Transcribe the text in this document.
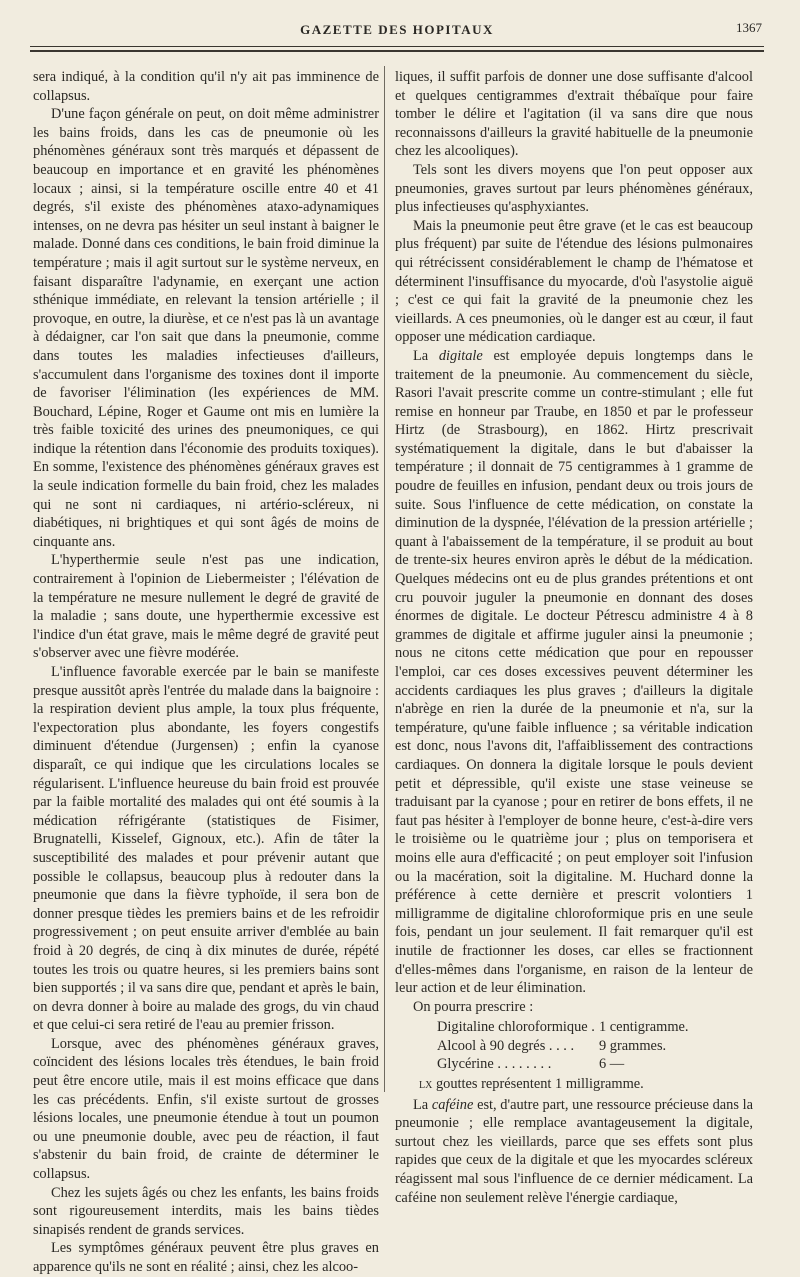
GAZETTE DES HOPITAUX	1367

sera indiqué, à la condition qu'il n'y ait pas imminence de collapsus.

D'une façon générale on peut, on doit même administrer les bains froids, dans les cas de pneumonie où les phénomènes généraux sont très marqués et dépassent de beaucoup en importance et en gravité les phénomènes locaux ; ainsi, si la température oscille entre 40 et 41 degrés, s'il existe des phénomènes ataxo-adynamiques intenses, on ne devra pas hésiter un seul instant à baigner le malade. Donné dans ces conditions, le bain froid diminue la température ; mais il agit surtout sur le système nerveux, en faisant disparaître l'adynamie, en exerçant une action sthénique immédiate, en relevant la tension artérielle ; il provoque, en outre, la diurèse, et ce n'est pas là un avantage à dédaigner, car l'on sait que dans la pneumonie, comme dans toutes les maladies infectieuses d'ailleurs, s'accumulent dans l'organisme des toxines dont il importe de favoriser l'élimination (les expériences de MM. Bouchard, Lépine, Roger et Gaume ont mis en lumière la très faible toxicité des urines des pneumoniques, ce qui indique la rétention dans l'économie des produits toxiques). En somme, l'existence des phénomènes généraux graves est la seule indication formelle du bain froid, chez les malades qui ne sont ni cardiaques, ni artério-scléreux, ni diabétiques, ni brightiques et qui sont âgés de moins de cinquante ans.

L'hyperthermie seule n'est pas une indication, contrairement à l'opinion de Liebermeister ; l'élévation de la température ne mesure nullement le degré de gravité de la maladie ; sans doute, une hyperthermie excessive est l'indice d'un état grave, mais le même degré de gravité peut s'observer avec une fièvre modérée.

L'influence favorable exercée par le bain se manifeste presque aussitôt après l'entrée du malade dans la baignoire : la respiration devient plus ample, la toux plus fréquente, l'expectoration plus abondante, les foyers congestifs diminuent d'étendue (Jurgensen) ; enfin la cyanose disparaît, ce qui indique que les circulations locales se régularisent. L'influence heureuse du bain froid est prouvée par la faible mortalité des malades qui ont été soumis à la médication réfrigérante (statistiques de Fisimer, Brugnatelli, Kisselef, Gignoux, etc.). Afin de tâter la susceptibilité des malades et pour prévenir autant que possible le collapsus, beaucoup plus à redouter dans la pneumonie que dans la fièvre typhoïde, il sera bon de donner presque tièdes les premiers bains et de les refroidir progressivement ; on peut ensuite arriver d'emblée au bain froid à 20 degrés, de cinq à dix minutes de durée, répété toutes les trois ou quatre heures, si les premiers bains sont bien supportés ; il va sans dire que, pendant et après le bain, on devra donner à boire au malade des grogs, du vin chaud et que celui-ci sera retiré de l'eau au premier frisson.

Lorsque, avec des phénomènes généraux graves, coïncident des lésions locales très étendues, le bain froid peut être encore utile, mais il est moins efficace que dans les cas précédents. Enfin, s'il existe surtout de grosses lésions locales, une pneumonie étendue à tout un poumon ou une pneumonie double, avec peu de réaction, il faut s'abstenir du bain froid, de crainte de déterminer le collapsus.

Chez les sujets âgés ou chez les enfants, les bains froids sont rigoureusement interdits, mais les bains tièdes sinapisés rendent de grands services.

Les symptômes généraux peuvent être plus graves en apparence qu'ils ne sont en réalité ; ainsi, chez les alcoo-

liques, il suffit parfois de donner une dose suffisante d'alcool et quelques centigrammes d'extrait thébaïque pour faire tomber le délire et l'agitation (il va sans dire que nous reconnaissons d'ailleurs la gravité habituelle de la pneumonie chez les alcooliques).

Tels sont les divers moyens que l'on peut opposer aux pneumonies, graves surtout par leurs phénomènes généraux, plus infectieuses qu'asphyxiantes.

Mais la pneumonie peut être grave (et le cas est beaucoup plus fréquent) par suite de l'étendue des lésions pulmonaires qui rétrécissent considérablement le champ de l'hématose et déterminent l'insuffisance du myocarde, d'où l'asystolie aiguë ; c'est ce qui fait la gravité de la pneumonie chez les vieillards. A ces pneumonies, où le danger est au cœur, il faut opposer une médication cardiaque.

La digitale est employée depuis longtemps dans le traitement de la pneumonie. Au commencement du siècle, Rasori l'avait prescrite comme un contre-stimulant ; elle fut remise en honneur par Traube, en 1850 et par le professeur Hirtz (de Strasbourg), en 1862. Hirtz prescrivait systématiquement la digitale, dans le but d'abaisser la température ; il donnait de 75 centigrammes à 1 gramme de poudre de feuilles en infusion, pendant deux ou trois jours de suite. Sous l'influence de cette médication, on constate la diminution de la dyspnée, l'élévation de la pression artérielle ; quant à l'abaissement de la température, il se produit au bout de trente-six heures environ après le début de la médication. Quelques médecins ont eu de plus grandes prétentions et ont cru pouvoir juguler la pneumonie en donnant des doses énormes de digitale. Le docteur Pétrescu administre 4 à 8 grammes de digitale et affirme juguler ainsi la pneumonie ; nous ne citons cette médication que pour en repousser l'emploi, car ces doses excessives peuvent déterminer les accidents cardiaques les plus graves ; d'ailleurs la digitale n'abrège en rien la durée de la pneumonie et n'a, sur la température, qu'une faible influence ; sa véritable indication est donc, nous l'avons dit, l'affaiblissement des contractions cardiaques. On donnera la digitale lorsque le pouls devient petit et dépressible, qu'il existe une stase veineuse se traduisant par la cyanose ; pour en retirer de bons effets, il ne faut pas hésiter à l'employer de bonne heure, c'est-à-dire vers le troisième ou le quatrième jour ; plus on temporisera et moins elle aura d'efficacité ; on peut employer soit l'infusion ou la macération, soit la digitaline. M. Huchard donne la préférence à cette dernière et prescrit volontiers 1 milligramme de digitaline chloroformique pris en une seule fois, pendant un jour seulement. Il fait remarquer qu'il est inutile de fractionner les doses, car elles se fractionnent d'elles-mêmes dans l'organisme, en raison de la lenteur de leur action et de leur élimination.

On pourra prescrire :

Digitaline chloroformique . 1 centigramme.
Alcool à 90 degrés . . . .	9 grammes.
Glycérine . . . . . . . .	6 —
lx gouttes représentent 1 milligramme.

La caféine est, d'autre part, une ressource précieuse dans la pneumonie ; elle remplace avantageusement la digitale, surtout chez les vieillards, parce que ses effets sont plus rapides que ceux de la digitale et que les myocardes scléreux réagissent mal sous l'influence de ce dernier médicament. La caféine non seulement relève l'énergie cardiaque,
